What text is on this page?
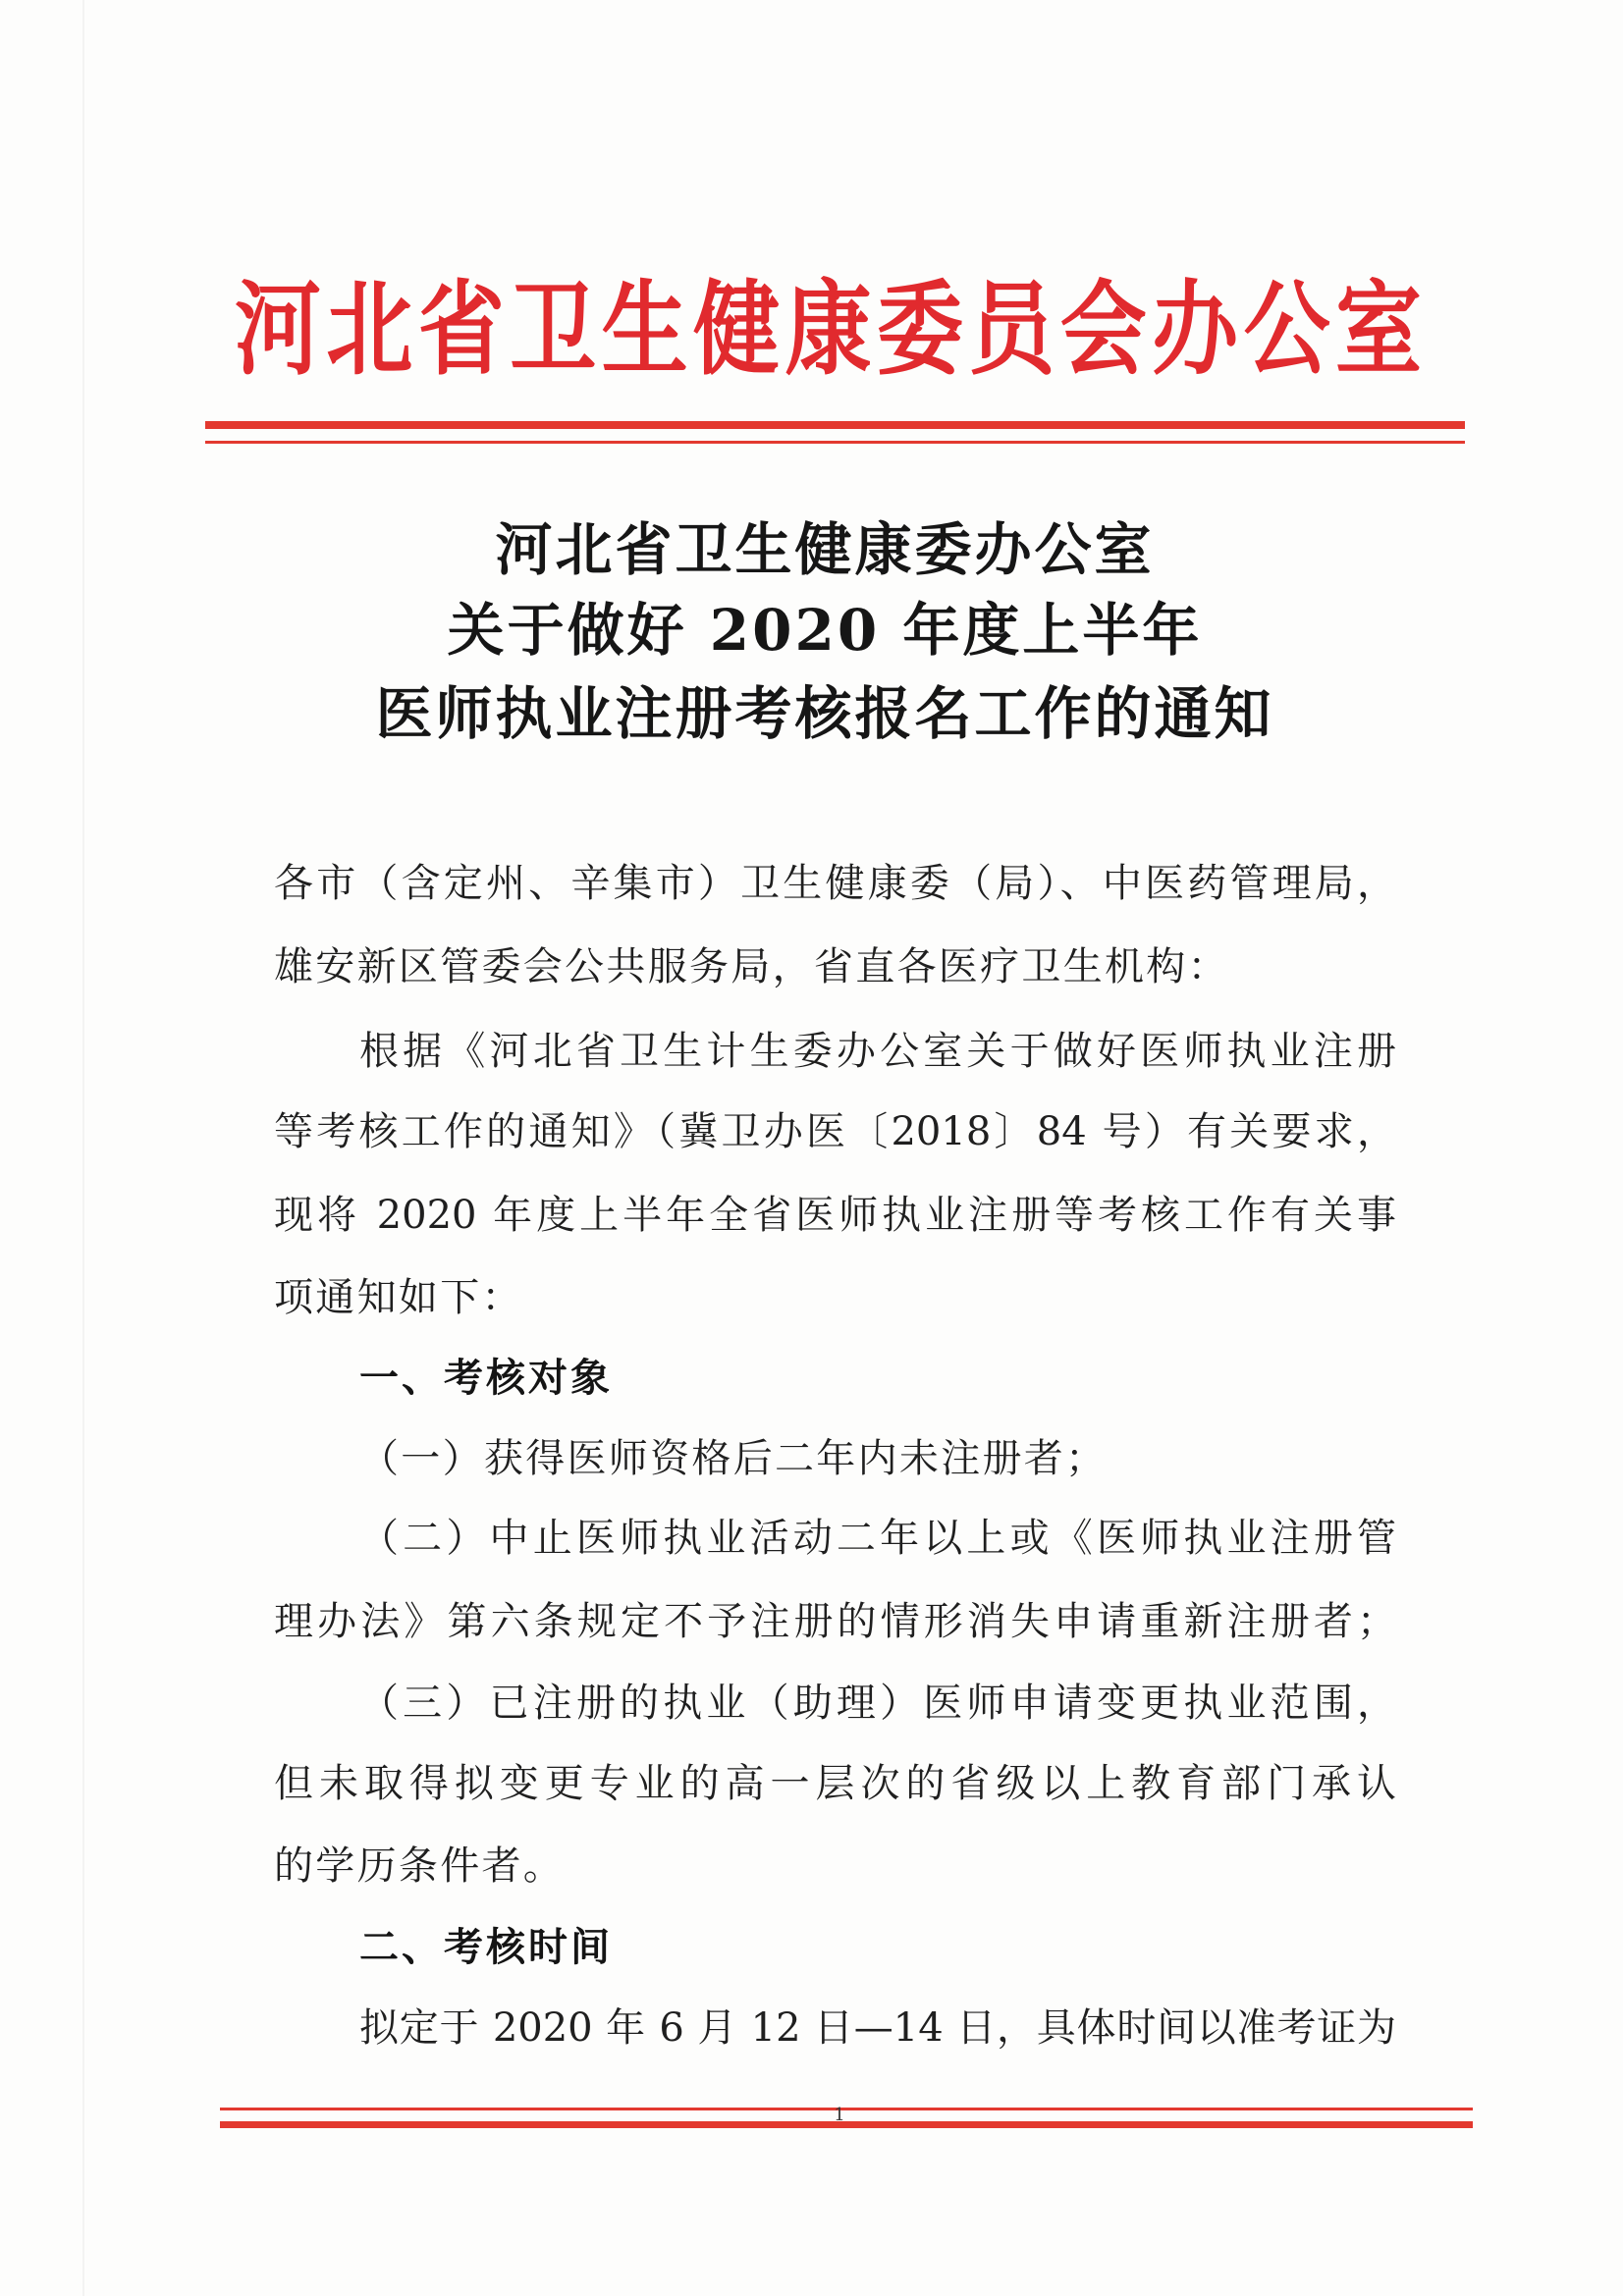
河北省卫生健康委员会办公室
河北省卫生健康委办公室
关于做好 2020 年度上半年
医师执业注册考核报名工作的通知
各市（含定州、辛集市）卫生健康委（局）、中医药管理局，
雄安新区管委会公共服务局，省直各医疗卫生机构：
根据《河北省卫生计生委办公室关于做好医师执业注册
等考核工作的通知》（冀卫办医〔2018〕84 号）有关要求，
现将 2020 年度上半年全省医师执业注册等考核工作有关事
项通知如下：
一、考核对象
（一）获得医师资格后二年内未注册者；
（二）中止医师执业活动二年以上或《医师执业注册管
理办法》第六条规定不予注册的情形消失申请重新注册者；
（三）已注册的执业（助理）医师申请变更执业范围，
但未取得拟变更专业的高一层次的省级以上教育部门承认
的学历条件者。
二、考核时间
拟定于 2020 年 6 月 12 日—14 日，具体时间以准考证为
1
